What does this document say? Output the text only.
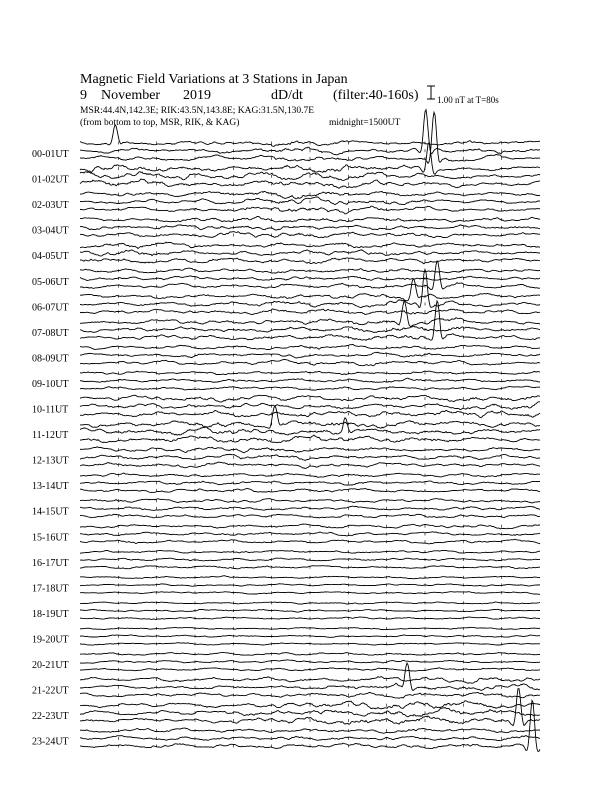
Magnetic Field Variations at 3 Stations in Japan
9 November 2019	dD/dt (filter:40-160s)
MSR:44.4N,142.3E; RIK:43.5N,143.8E; KAG:31.5N,130.7E
(from bottom to top, MSR, RIK, & KAG)	midnight=1500UT
1.00 nT at T=80s
00-01UT
01-02UT
02-03UT
03-04UT
04-05UT
05-06UT
06-07UT
07-08UT
08-09UT
09-10UT
10-11UT
11-12UT
12-13UT
13-14UT
14-15UT
15-16UT
16-17UT
17-18UT
18-19UT
19-20UT
20-21UT
21-22UT
22-23UT
23-24UT
